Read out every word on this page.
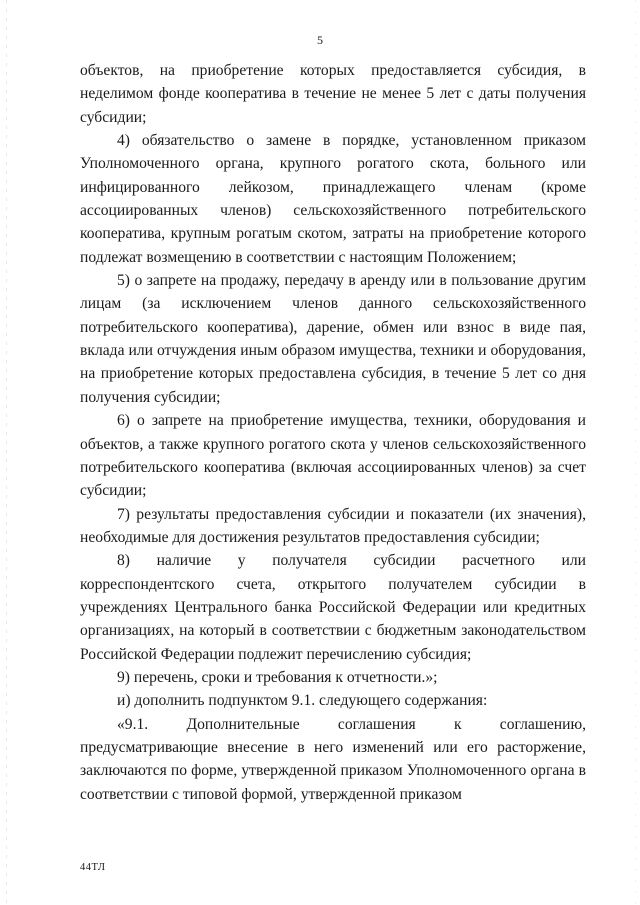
5

объектов, на приобретение которых предоставляется субсидия, в неделимом фонде кооператива в течение не менее 5 лет с даты получения субсидии;

4) обязательство о замене в порядке, установленном приказом Уполномоченного органа, крупного рогатого скота, больного или инфицированного лейкозом, принадлежащего членам (кроме ассоциированных членов) сельскохозяйственного потребительского кооператива, крупным рогатым скотом, затраты на приобретение которого подлежат возмещению в соответствии с настоящим Положением;

5) о запрете на продажу, передачу в аренду или в пользование другим лицам (за исключением членов данного сельскохозяйственного потребительского кооператива), дарение, обмен или взнос в виде пая, вклада или отчуждения иным образом имущества, техники и оборудования, на приобретение которых предоставлена субсидия, в течение 5 лет со дня получения субсидии;

6) о запрете на приобретение имущества, техники, оборудования и объектов, а также крупного рогатого скота у членов сельскохозяйственного потребительского кооператива (включая ассоциированных членов) за счет субсидии;

7) результаты предоставления субсидии и показатели (их значения), необходимые для достижения результатов предоставления субсидии;

8) наличие у получателя субсидии расчетного или корреспондентского счета, открытого получателем субсидии в учреждениях Центрального банка Российской Федерации или кредитных организациях, на который в соответствии с бюджетным законодательством Российской Федерации подлежит перечислению субсидия;

9) перечень, сроки и требования к отчетности.»;

и) дополнить подпунктом 9.1. следующего содержания:

«9.1. Дополнительные соглашения к соглашению, предусматривающие внесение в него изменений или его расторжение, заключаются по форме, утвержденной приказом Уполномоченного органа в соответствии с типовой формой, утвержденной приказом

44ТЛ
